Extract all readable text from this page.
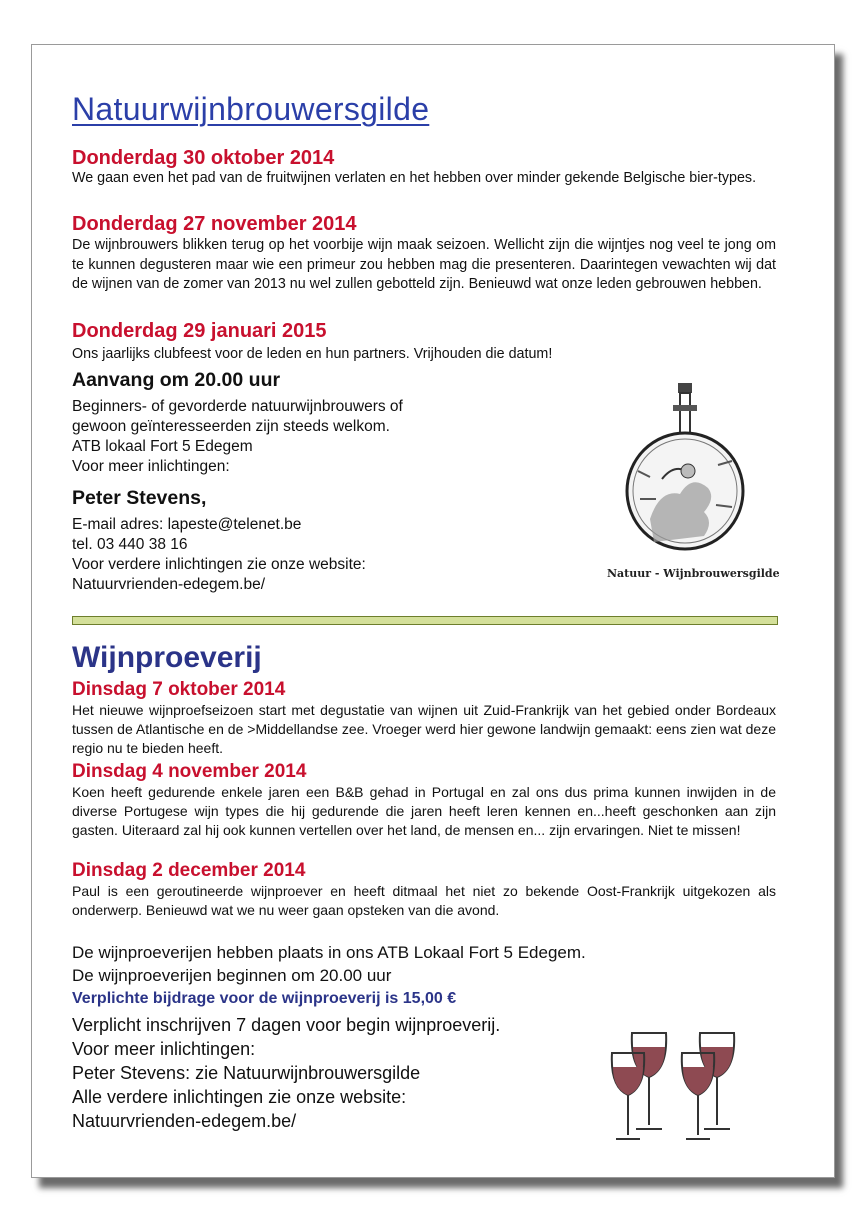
Natuurwijnbrouwersgilde
Donderdag 30 oktober 2014
We gaan even het pad van de fruitwijnen verlaten en het hebben over minder gekende Belgische bier-types.
Donderdag 27 november 2014
De wijnbrouwers blikken terug op het voorbije wijn maak seizoen. Wellicht zijn die wijntjes nog veel te jong om te kunnen degusteren maar wie een primeur zou hebben mag die presenteren. Daarintegen vewachten wij dat de wijnen van de zomer van 2013 nu wel zullen gebotteld zijn. Benieuwd wat onze leden gebrouwen hebben.
Donderdag 29 januari 2015
Ons jaarlijks clubfeest voor de leden en hun partners. Vrijhouden die datum!
Aanvang om 20.00 uur
Beginners- of gevorderde natuurwijnbrouwers of
gewoon geïnteresseerden zijn steeds welkom.
ATB lokaal Fort 5 Edegem
Voor meer inlichtingen:
Peter Stevens,
E-mail adres: lapeste@telenet.be
tel. 03 440 38 16
Voor verdere inlichtingen zie onze website:
Natuurvrienden-edegem.be/
Natuur - Wijnbrouwersgilde
Wijnproeverij
Dinsdag 7 oktober 2014
Het nieuwe wijnproefseizoen start met degustatie van wijnen uit Zuid-Frankrijk van het gebied onder Bordeaux tussen de Atlantische en de >Middellandse zee. Vroeger werd hier gewone landwijn gemaakt: eens zien wat deze regio nu te bieden heeft.
Dinsdag 4 november 2014
Koen heeft gedurende enkele jaren een B&B gehad in Portugal en zal ons dus prima kunnen inwijden in de diverse Portugese wijn types die hij gedurende die jaren heeft leren kennen en...heeft geschonken aan zijn gasten. Uiteraard zal hij ook kunnen vertellen over het land, de mensen en... zijn ervaringen. Niet te missen!
Dinsdag 2 december 2014
Paul is een geroutineerde wijnproever en heeft ditmaal het niet zo bekende Oost-Frankrijk uitgekozen als onderwerp. Benieuwd wat we nu weer gaan opsteken van die avond.
De wijnproeverijen hebben plaats in ons ATB Lokaal Fort 5 Edegem.
De wijnproeverijen beginnen om 20.00 uur
Verplichte bijdrage voor de wijnproeverij is 15,00 €
Verplicht inschrijven 7 dagen voor begin wijnproeverij.
Voor meer inlichtingen:
Peter Stevens: zie Natuurwijnbrouwersgilde
Alle verdere inlichtingen zie onze website:
Natuurvrienden-edegem.be/
